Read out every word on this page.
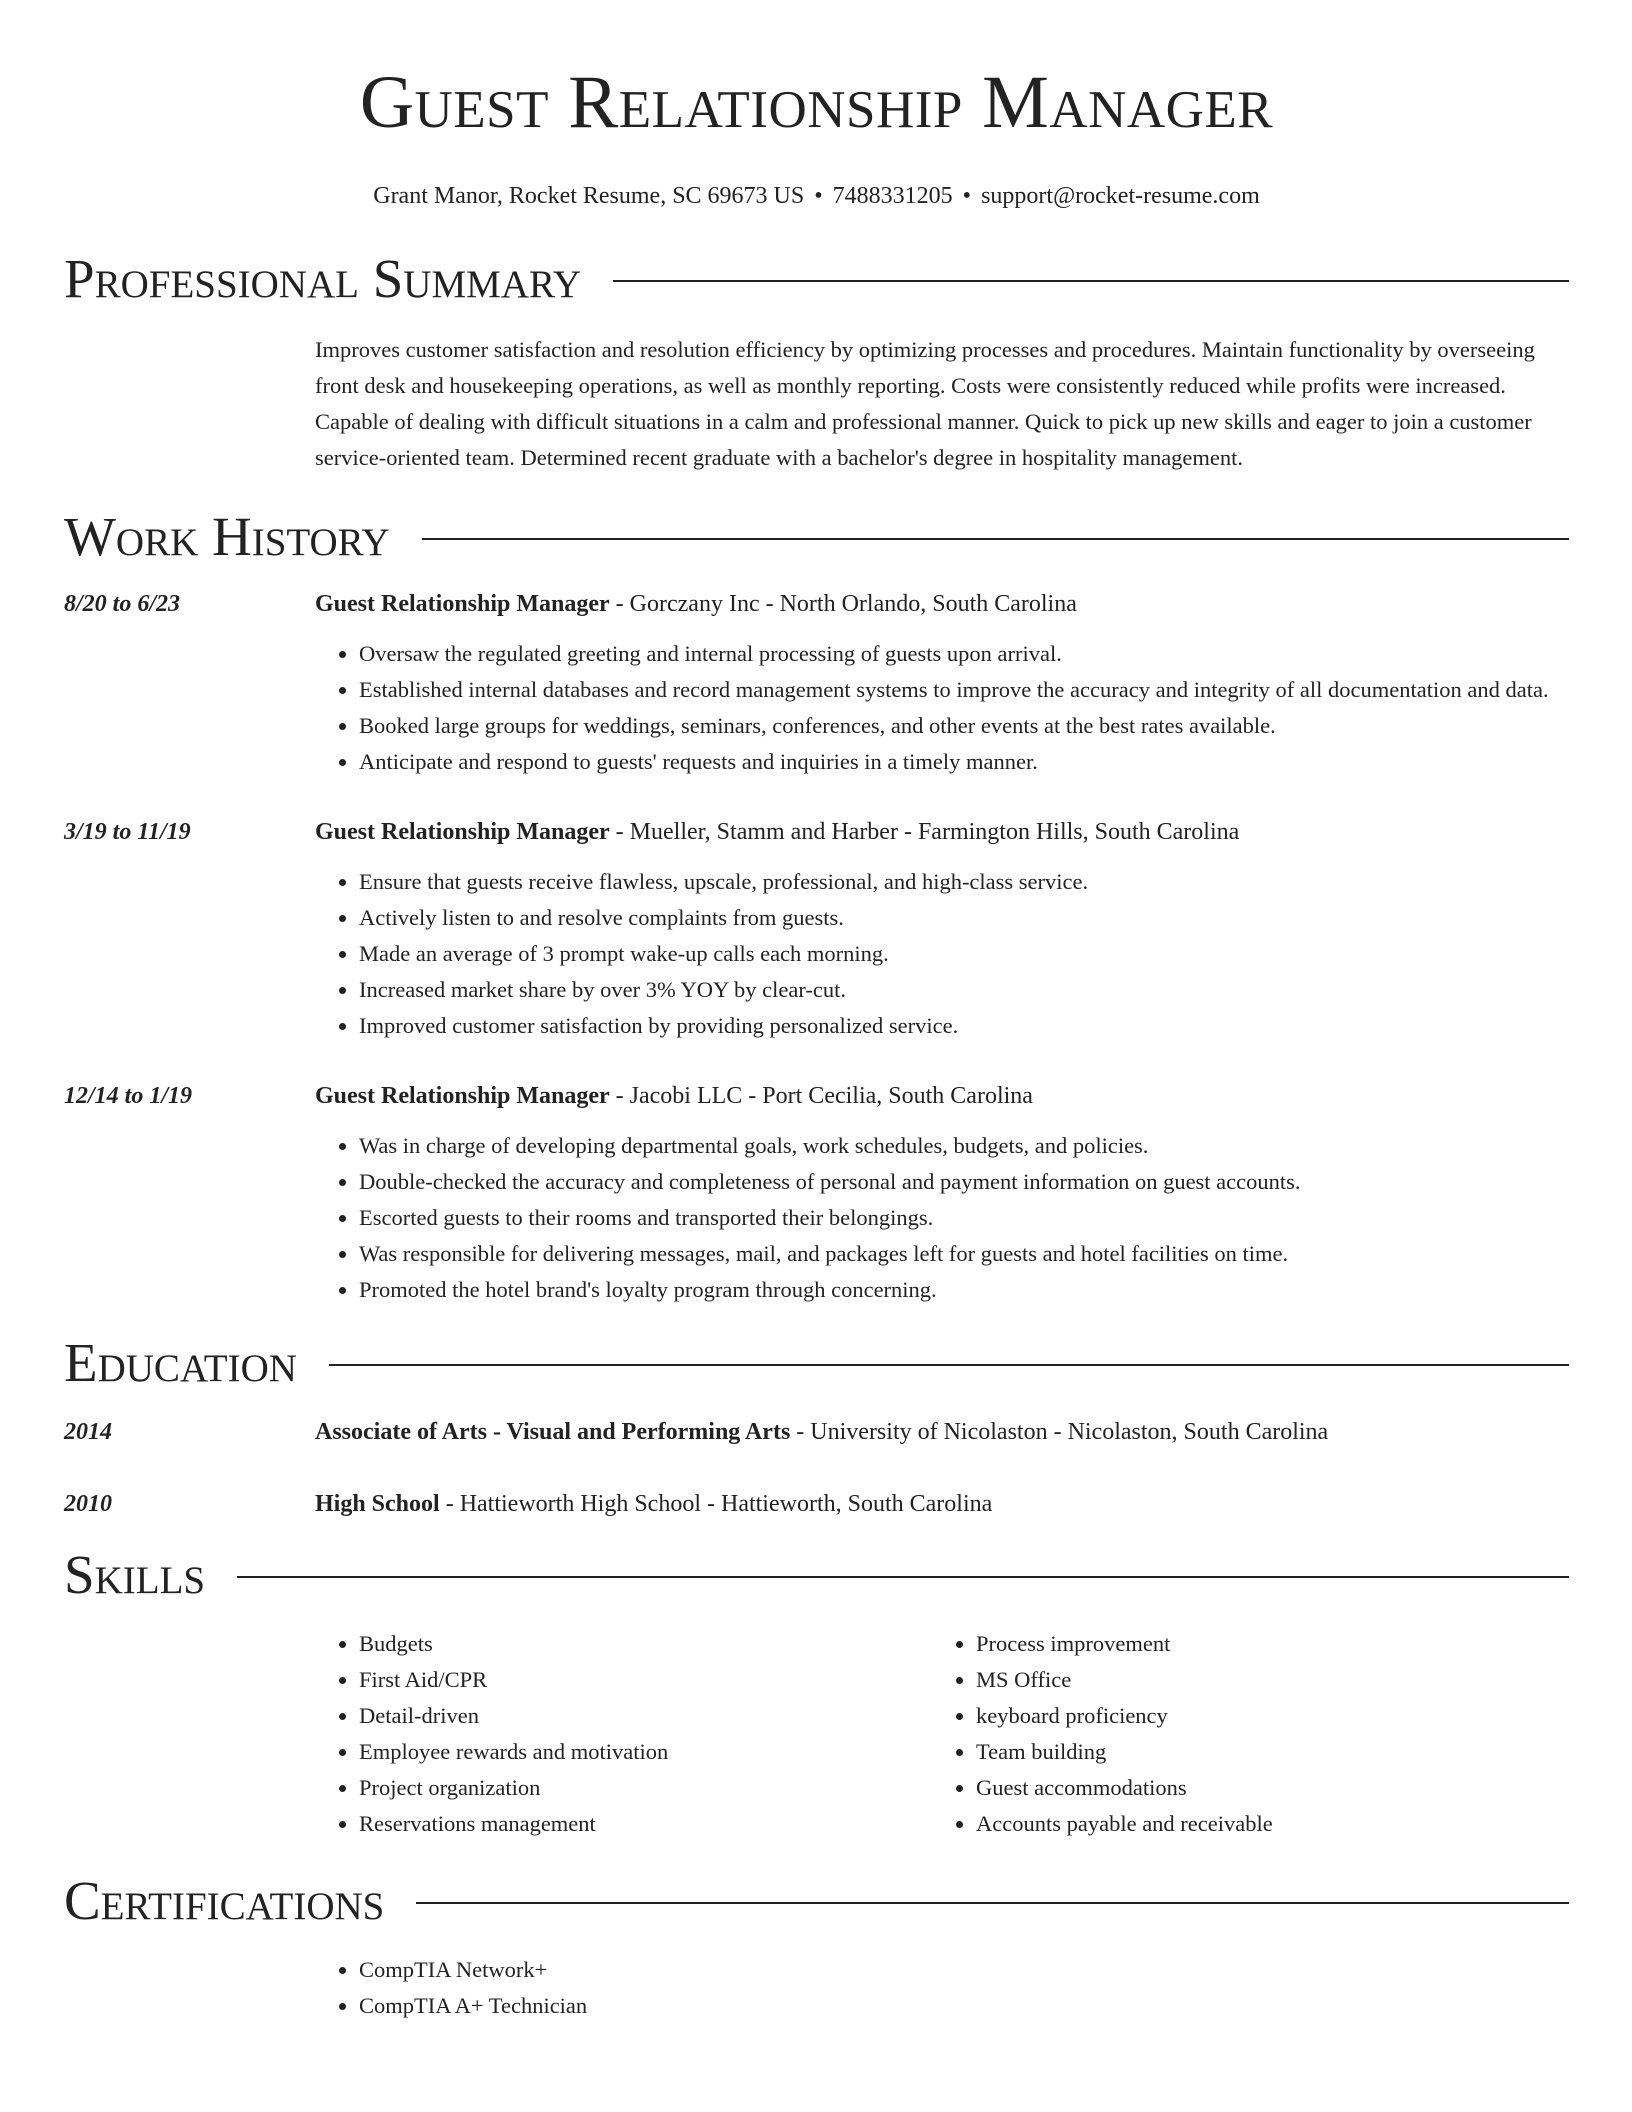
Guest Relationship Manager
Grant Manor, Rocket Resume, SC 69673 US • 7488331205 • support@rocket-resume.com
Professional Summary
Improves customer satisfaction and resolution efficiency by optimizing processes and procedures. Maintain functionality by overseeing front desk and housekeeping operations, as well as monthly reporting. Costs were consistently reduced while profits were increased. Capable of dealing with difficult situations in a calm and professional manner. Quick to pick up new skills and eager to join a customer service-oriented team. Determined recent graduate with a bachelor's degree in hospitality management.
Work History
8/20 to 6/23	Guest Relationship Manager - Gorczany Inc - North Orlando, South Carolina
• Oversaw the regulated greeting and internal processing of guests upon arrival.
• Established internal databases and record management systems to improve the accuracy and integrity of all documentation and data.
• Booked large groups for weddings, seminars, conferences, and other events at the best rates available.
• Anticipate and respond to guests' requests and inquiries in a timely manner.
3/19 to 11/19	Guest Relationship Manager - Mueller, Stamm and Harber - Farmington Hills, South Carolina
• Ensure that guests receive flawless, upscale, professional, and high-class service.
• Actively listen to and resolve complaints from guests.
• Made an average of 3 prompt wake-up calls each morning.
• Increased market share by over 3% YOY by clear-cut.
• Improved customer satisfaction by providing personalized service.
12/14 to 1/19	Guest Relationship Manager - Jacobi LLC - Port Cecilia, South Carolina
• Was in charge of developing departmental goals, work schedules, budgets, and policies.
• Double-checked the accuracy and completeness of personal and payment information on guest accounts.
• Escorted guests to their rooms and transported their belongings.
• Was responsible for delivering messages, mail, and packages left for guests and hotel facilities on time.
• Promoted the hotel brand's loyalty program through concerning.
Education
2014	Associate of Arts - Visual and Performing Arts - University of Nicolaston - Nicolaston, South Carolina
2010	High School - Hattieworth High School - Hattieworth, South Carolina
Skills
• Budgets
• First Aid/CPR
• Detail-driven
• Employee rewards and motivation
• Project organization
• Reservations management
• Process improvement
• MS Office
• keyboard proficiency
• Team building
• Guest accommodations
• Accounts payable and receivable
Certifications
• CompTIA Network+
• CompTIA A+ Technician
